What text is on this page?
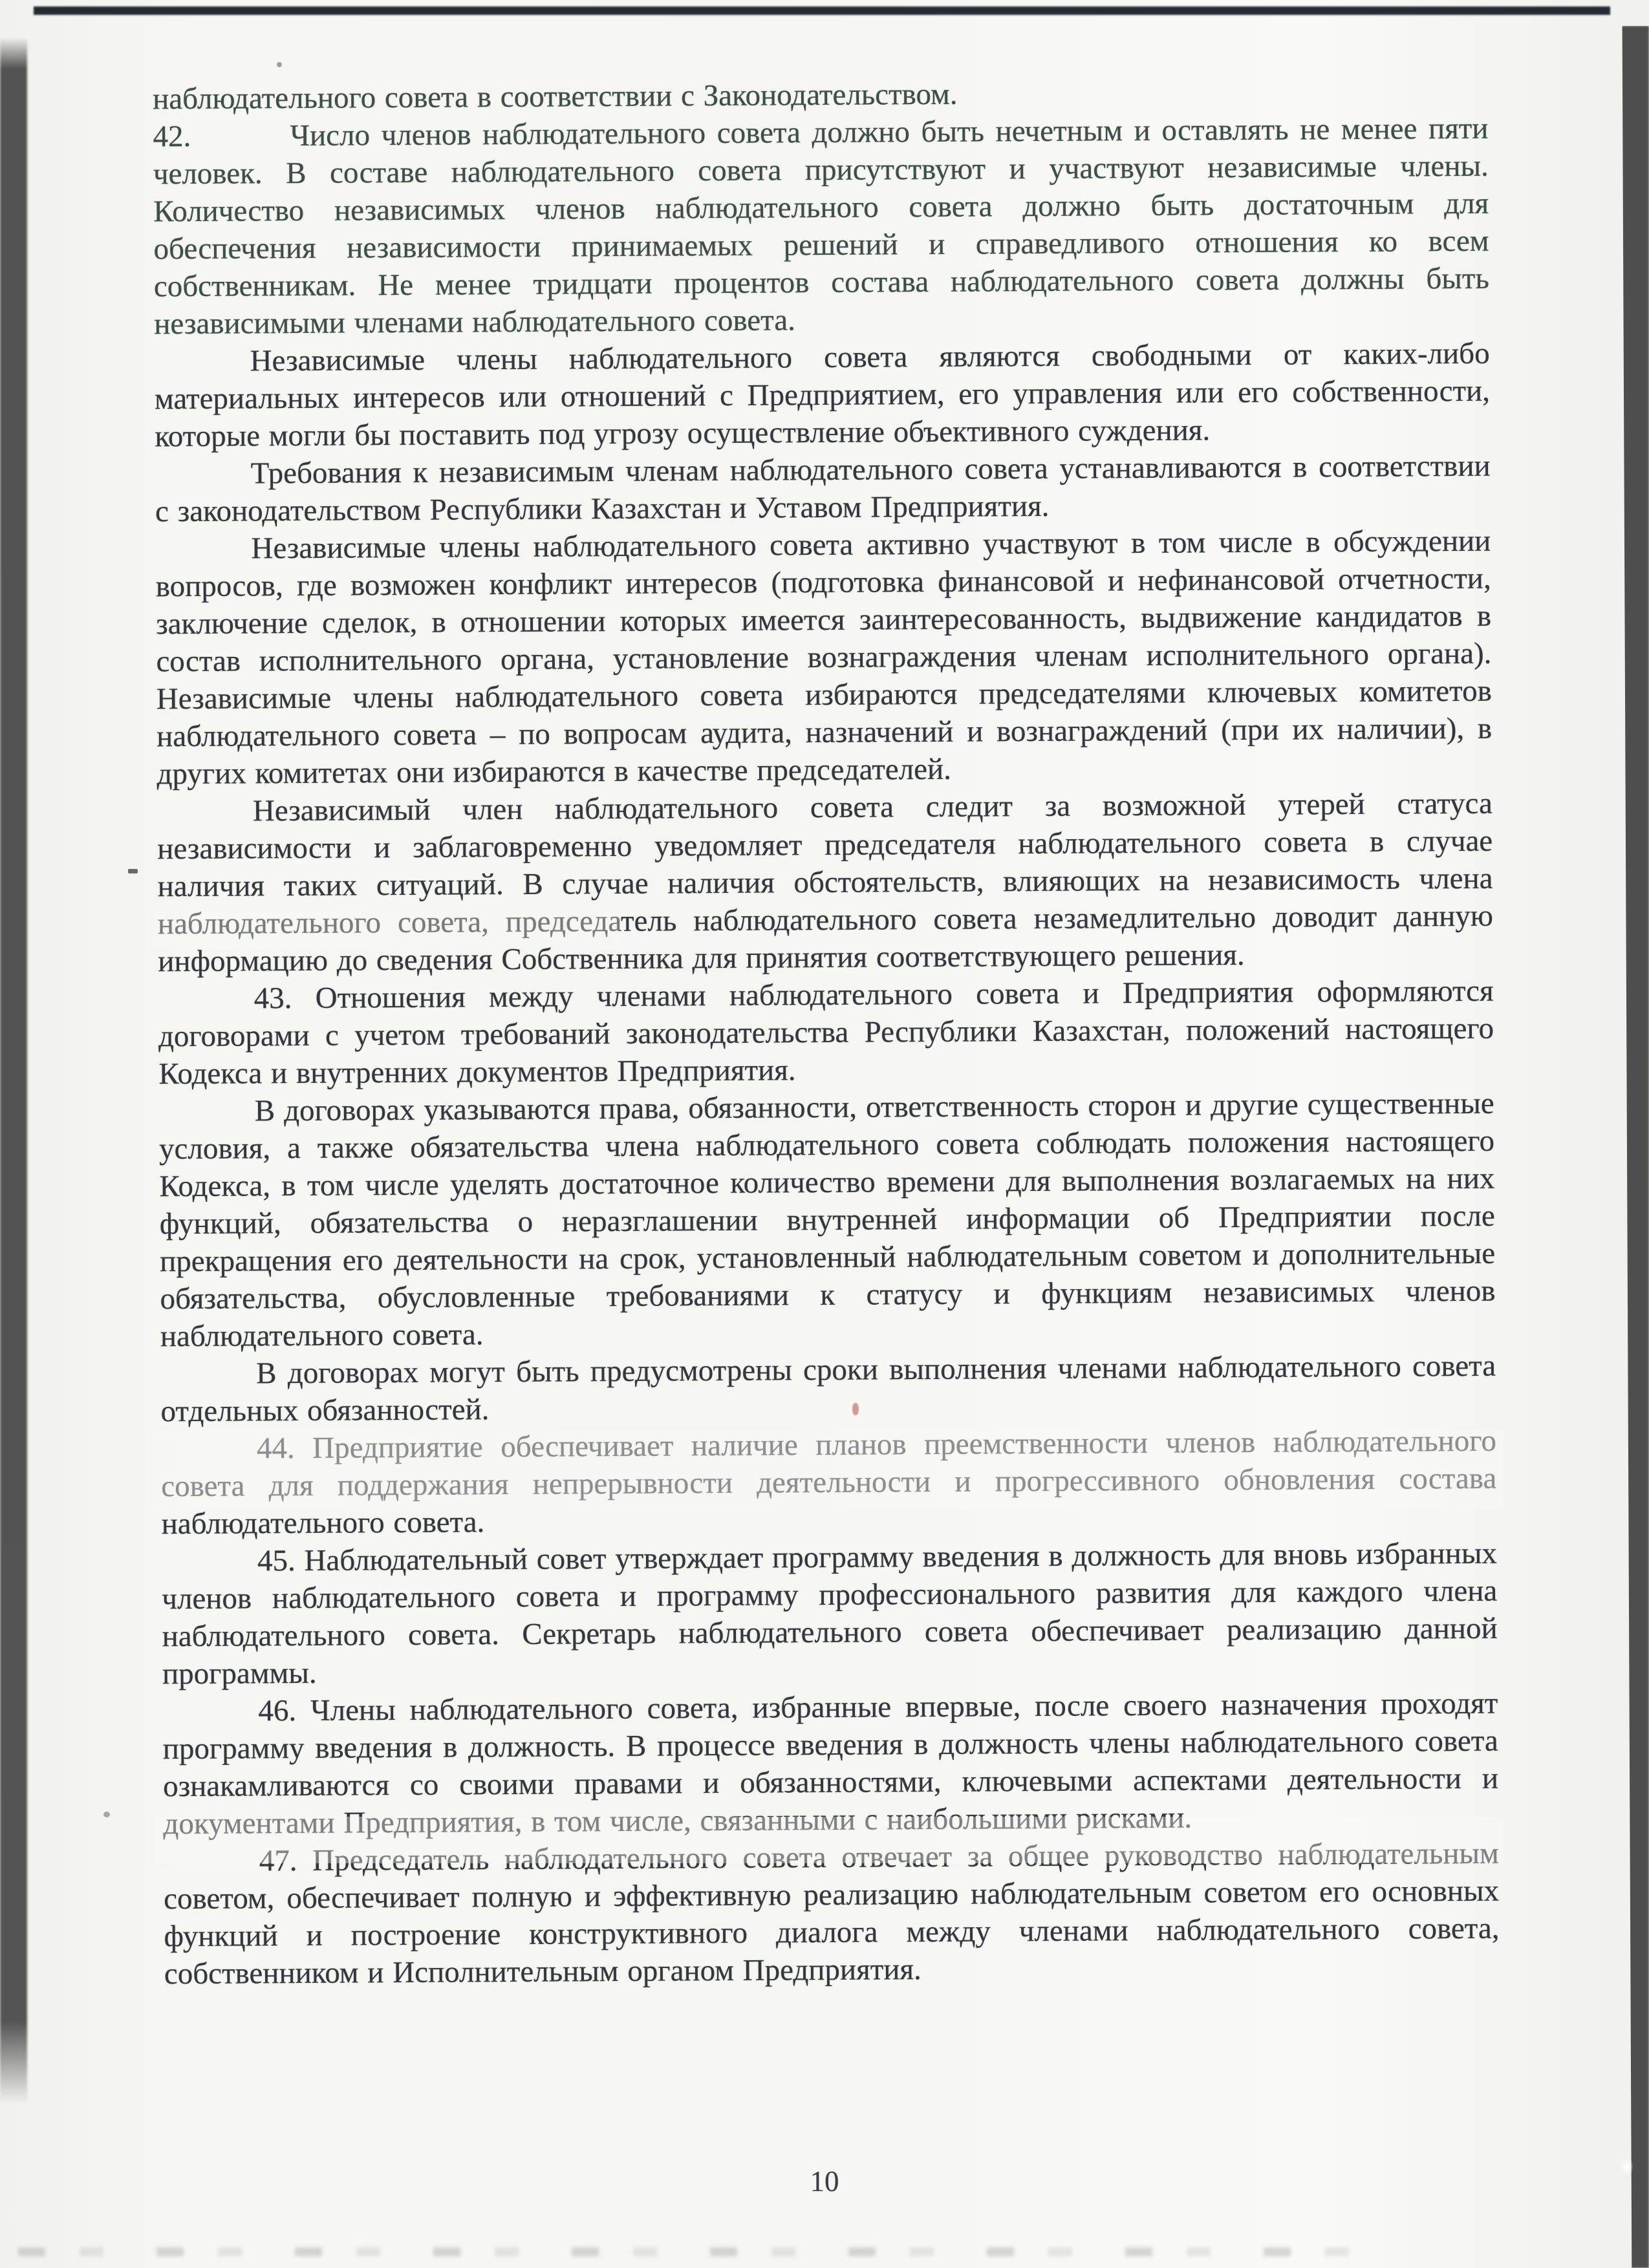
наблюдательного совета в соответствии с Законодательством.

42.	Число членов наблюдательного совета должно быть нечетным и оставлять не менее пяти человек. В составе наблюдательного совета присутствуют и участвуют независимые члены. Количество независимых членов наблюдательного совета должно быть достаточным для обеспечения независимости принимаемых решений и справедливого отношения ко всем собственникам. Не менее тридцати процентов состава наблюдательного совета должны быть независимыми членами наблюдательного совета.

Независимые члены наблюдательного совета являются свободными от каких-либо материальных интересов или отношений с Предприятием, его управления или его собственности, которые могли бы поставить под угрозу осуществление объективного суждения.

Требования к независимым членам наблюдательного совета устанавливаются в соответствии с законодательством Республики Казахстан и Уставом Предприятия.

Независимые члены наблюдательного совета активно участвуют в том числе в обсуждении вопросов, где возможен конфликт интересов (подготовка финансовой и нефинансовой отчетности, заключение сделок, в отношении которых имеется заинтересованность, выдвижение кандидатов в состав исполнительного органа, установление вознаграждения членам исполнительного органа). Независимые члены наблюдательного совета избираются председателями ключевых комитетов наблюдательного совета – по вопросам аудита, назначений и вознаграждений (при их наличии), в других комитетах они избираются в качестве председателей.

Независимый член наблюдательного совета следит за возможной утерей статуса независимости и заблаговременно уведомляет председателя наблюдательного совета в случае наличия таких ситуаций. В случае наличия обстоятельств, влияющих на независимость члена наблюдательного совета, председатель наблюдательного совета незамедлительно доводит данную информацию до сведения Собственника для принятия соответствующего решения.

43. Отношения между членами наблюдательного совета и Предприятия оформляются договорами с учетом требований законодательства Республики Казахстан, положений настоящего Кодекса и внутренних документов Предприятия.

В договорах указываются права, обязанности, ответственность сторон и другие существенные условия, а также обязательства члена наблюдательного совета соблюдать положения настоящего Кодекса, в том числе уделять достаточное количество времени для выполнения возлагаемых на них функций, обязательства о неразглашении внутренней информации об Предприятии после прекращения его деятельности на срок, установленный наблюдательным советом и дополнительные обязательства, обусловленные требованиями к статусу и функциям независимых членов наблюдательного совета.

В договорах могут быть предусмотрены сроки выполнения членами наблюдательного совета отдельных обязанностей.

44. Предприятие обеспечивает наличие планов преемственности членов наблюдательного совета для поддержания непрерывности деятельности и прогрессивного обновления состава наблюдательного совета.

45. Наблюдательный совет утверждает программу введения в должность для вновь избранных членов наблюдательного совета и программу профессионального развития для каждого члена наблюдательного совета. Секретарь наблюдательного совета обеспечивает реализацию данной программы.

46. Члены наблюдательного совета, избранные впервые, после своего назначения проходят программу введения в должность. В процессе введения в должность члены наблюдательного совета ознакамливаются со своими правами и обязанностями, ключевыми аспектами деятельности и документами Предприятия, в том числе, связанными с наибольшими рисками.

47. Председатель наблюдательного совета отвечает за общее руководство наблюдательным советом, обеспечивает полную и эффективную реализацию наблюдательным советом его основных функций и построение конструктивного диалога между членами наблюдательного совета, собственником и Исполнительным органом Предприятия.

10
